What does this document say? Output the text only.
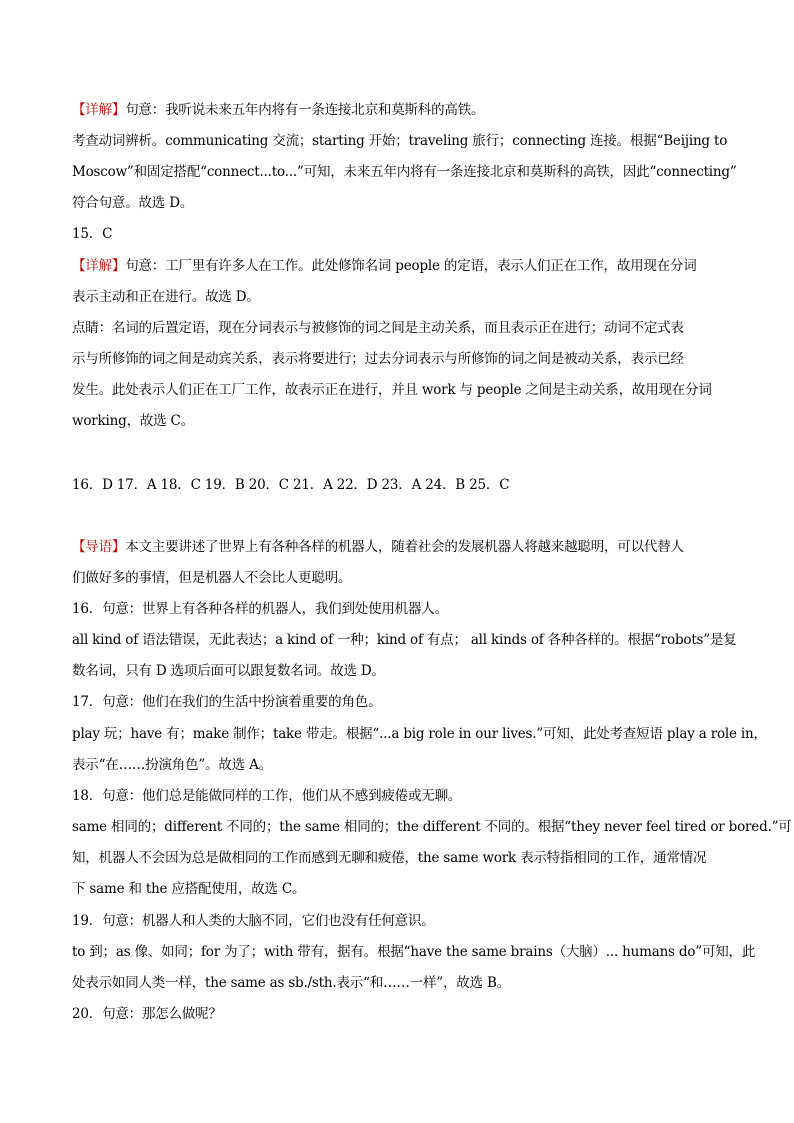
【详解】句意：我听说未来五年内将有一条连接北京和莫斯科的高铁。
考查动词辨析。communicating 交流；starting 开始；traveling 旅行；connecting 连接。根据“Beijing to
Moscow”和固定搭配“connect...to...”可知，未来五年内将有一条连接北京和莫斯科的高铁，因此“connecting”
符合句意。故选 D。
15．C
【详解】句意：工厂里有许多人在工作。此处修饰名词 people 的定语，表示人们正在工作，故用现在分词
表示主动和正在进行。故选 D。
点睛：名词的后置定语，现在分词表示与被修饰的词之间是主动关系，而且表示正在进行；动词不定式表
示与所修饰的词之间是动宾关系，表示将要进行；过去分词表示与所修饰的词之间是被动关系，表示已经
发生。此处表示人们正在工厂工作，故表示正在进行，并且 work 与 people 之间是主动关系，故用现在分词
working，故选 C。
16．D 17．A 18．C 19．B 20．C 21．A 22．D 23．A 24．B 25．C
【导语】本文主要讲述了世界上有各种各样的机器人，随着社会的发展机器人将越来越聪明，可以代替人
们做好多的事情，但是机器人不会比人更聪明。
16．句意：世界上有各种各样的机器人，我们到处使用机器人。
all kind of 语法错误，无此表达；a kind of 一种；kind of 有点； all kinds of 各种各样的。根据“robots”是复
数名词，只有 D 选项后面可以跟复数名词。故选 D。
17．句意：他们在我们的生活中扮演着重要的角色。
play 玩；have 有；make 制作；take 带走。根据“...a big role in our lives.”可知，此处考查短语 play a role in，
表示“在……扮演角色”。故选 A。
18．句意：他们总是能做同样的工作，他们从不感到疲倦或无聊。
same 相同的；different 不同的；the same 相同的；the different 不同的。根据“they never feel tired or bored.”可
知，机器人不会因为总是做相同的工作而感到无聊和疲倦，the same work 表示特指相同的工作，通常情况
下 same 和 the 应搭配使用，故选 C。
19．句意：机器人和人类的大脑不同，它们也没有任何意识。
to 到；as 像、如同；for 为了；with 带有，据有。根据“have the same brains（大脑）... humans do”可知，此
处表示如同人类一样，the same as sb./sth.表示“和……一样”，故选 B。
20．句意：那怎么做呢？
